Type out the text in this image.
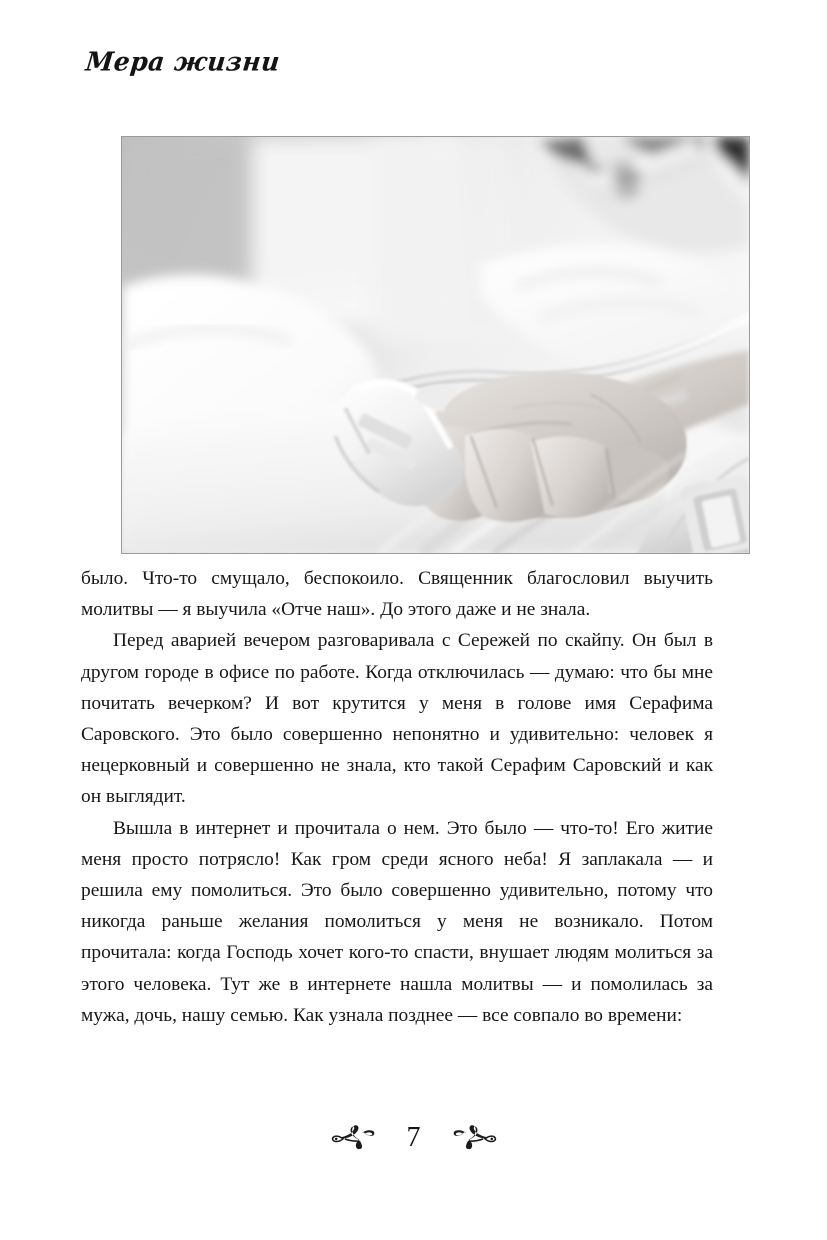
Мера жизни

было. Что-то смущало, беспокоило. Священник благословил выучить молитвы — я выучила «Отче наш». До этого даже и не знала.

Перед аварией вечером разговаривала с Сережей по скайпу. Он был в другом городе в офисе по работе. Когда отключилась — думаю: что бы мне почитать вечерком? И вот крутится у меня в голове имя Серафима Саровского. Это было совершенно непонятно и удивительно: человек я нецерковный и совершенно не знала, кто такой Серафим Саровский и как он выглядит.

Вышла в интернет и прочитала о нем. Это было — что-то! Его житие меня просто потрясло! Как гром среди ясного неба! Я заплакала — и решила ему помолиться. Это было совершенно удивительно, потому что никогда раньше желания помолиться у меня не возникало. Потом прочитала: когда Господь хочет кого-то спасти, внушает людям молиться за этого человека. Тут же в интернете нашла молитвы — и помолилась за мужа, дочь, нашу семью. Как узнала позднее — все совпало во времени:

7
